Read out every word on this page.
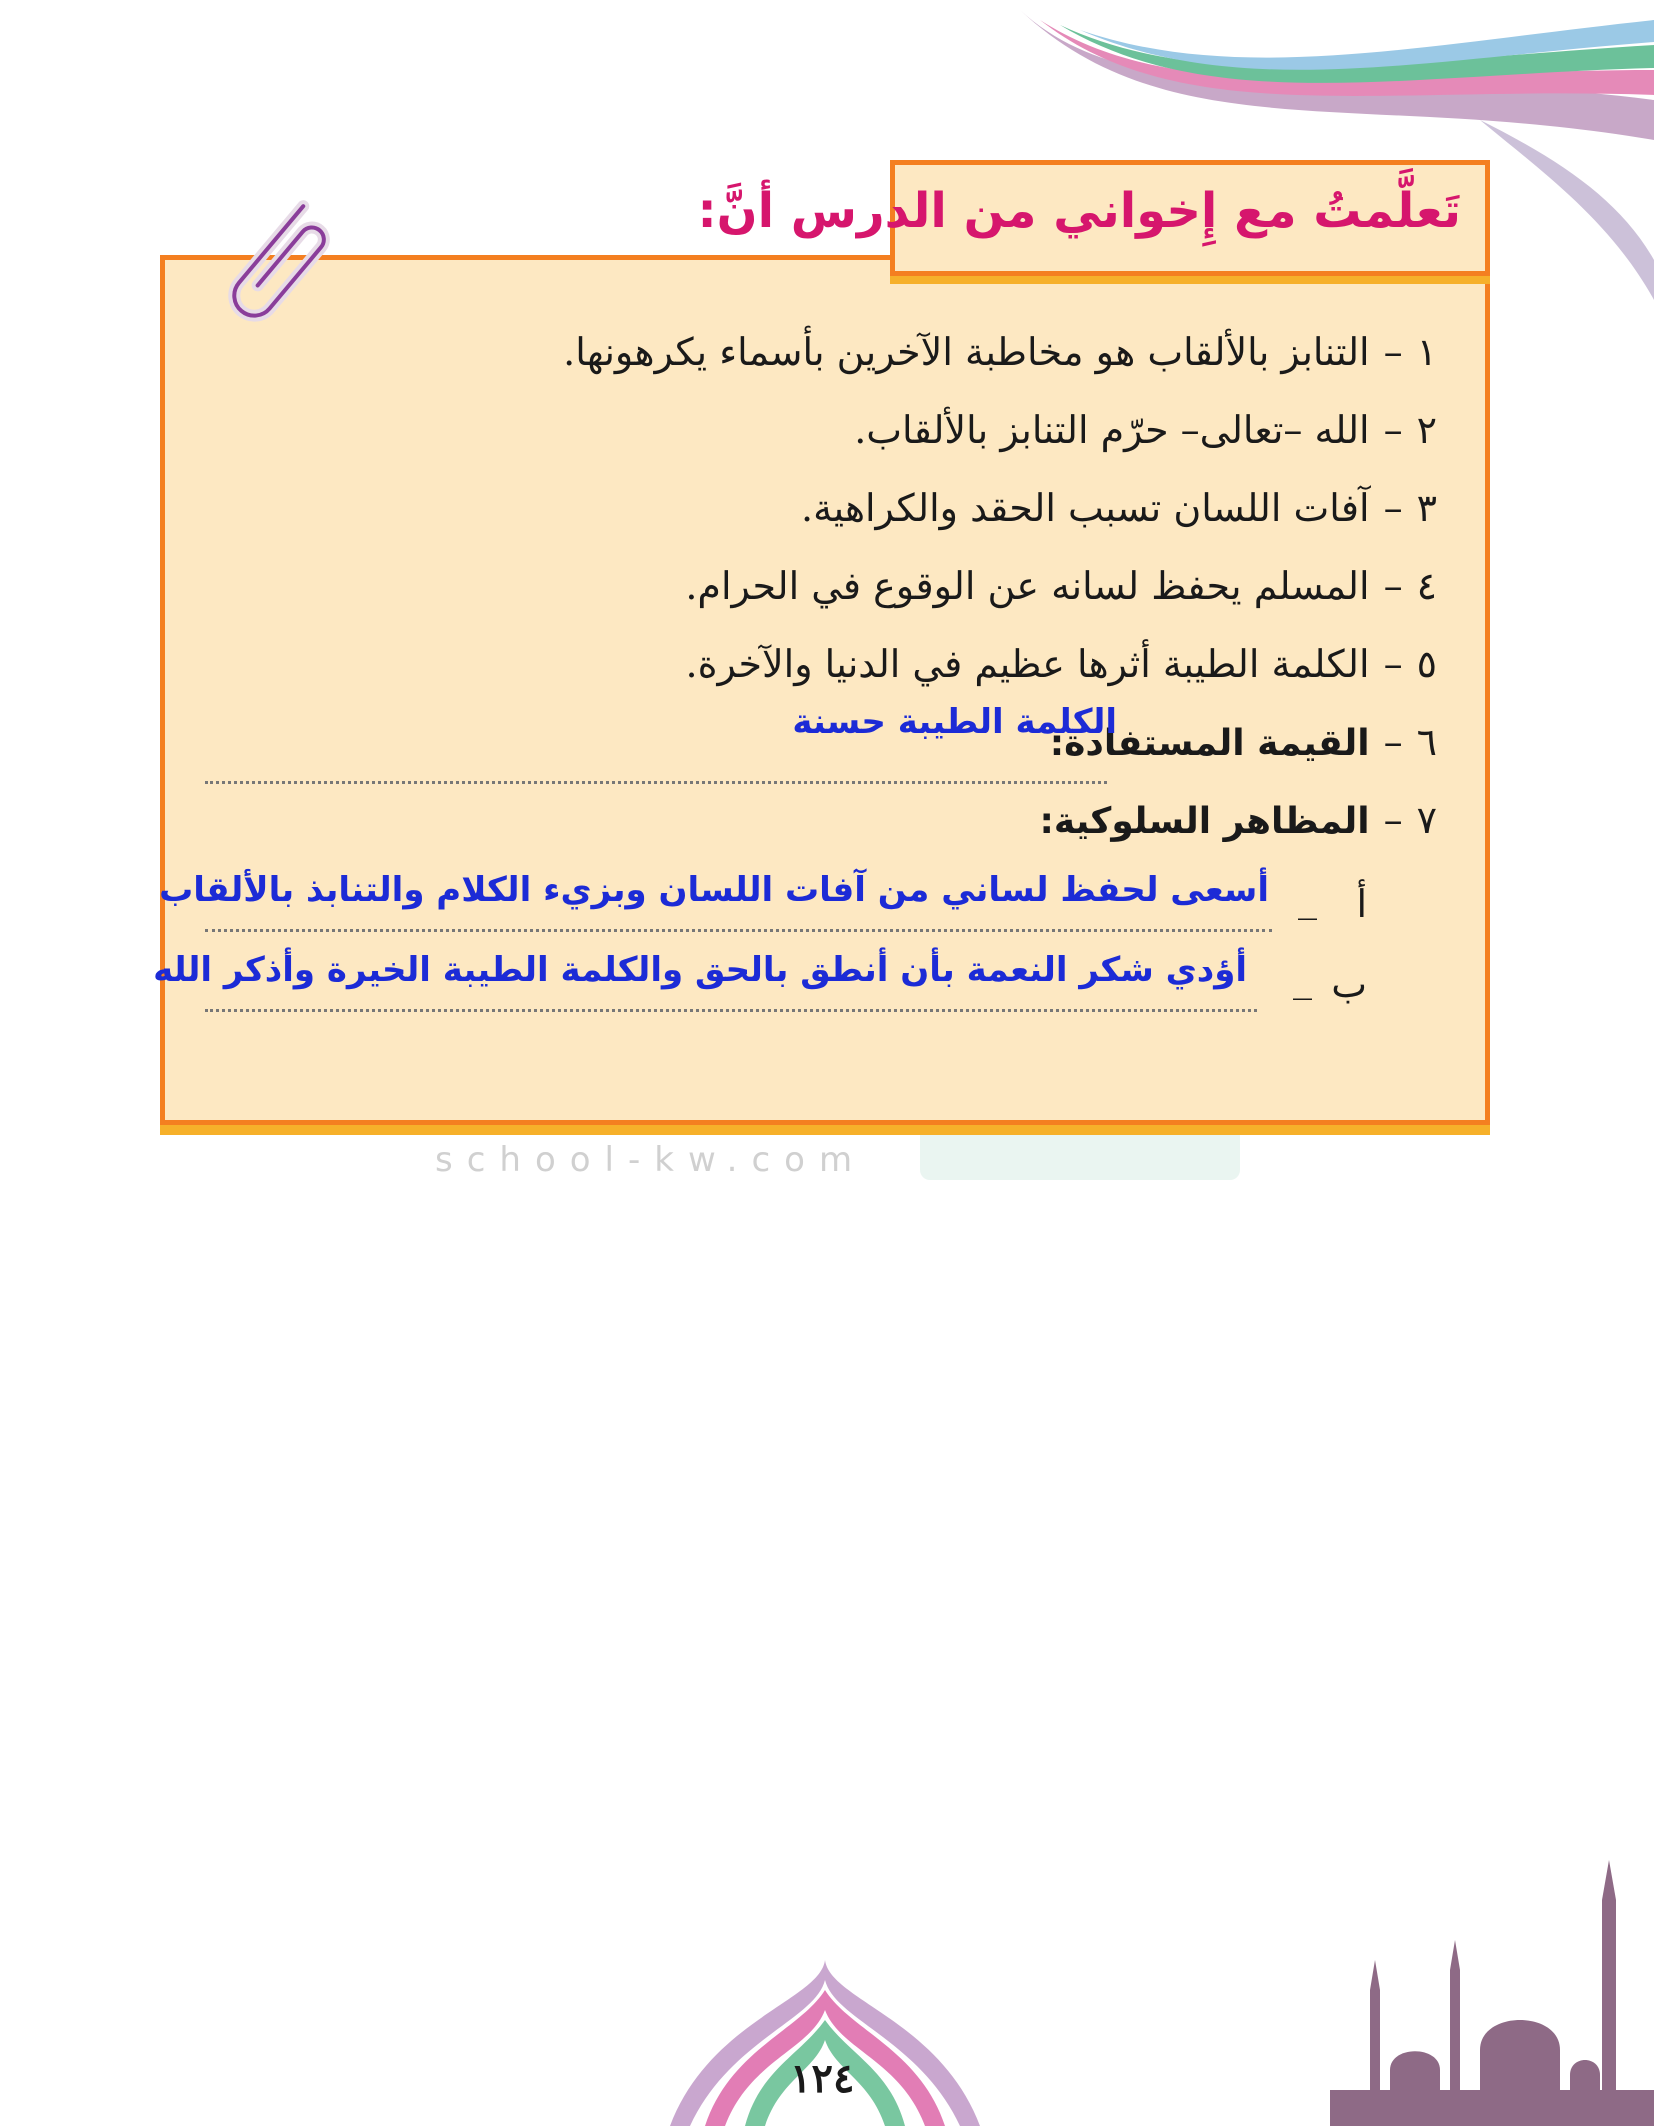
school-kw.com
١–التنابز بالألقاب هو مخاطبة الآخرين بأسماء يكرهونها.
٢–الله –تعالى– حرّم التنابز بالألقاب.
٣–آفات اللسان تسبب الحقد والكراهية.
٤–المسلم يحفظ لسانه عن الوقوع في الحرام.
٥–الكلمة الطيبة أثرها عظيم في الدنيا والآخرة.
٦–القيمة المستفادة:
الكلمة الطيبة حسنة
٧–المظاهر السلوكية:
أ
_
أسعى لحفظ لساني من آفات اللسان وبزيء الكلام والتنابذ بالألقاب
ب
_
أؤدي شكر النعمة بأن أنطق بالحق والكلمة الطيبة الخيرة وأذكر الله
تَعلَّمتُ مع إِخواني من الدرس أنَّ:
١٢٤
